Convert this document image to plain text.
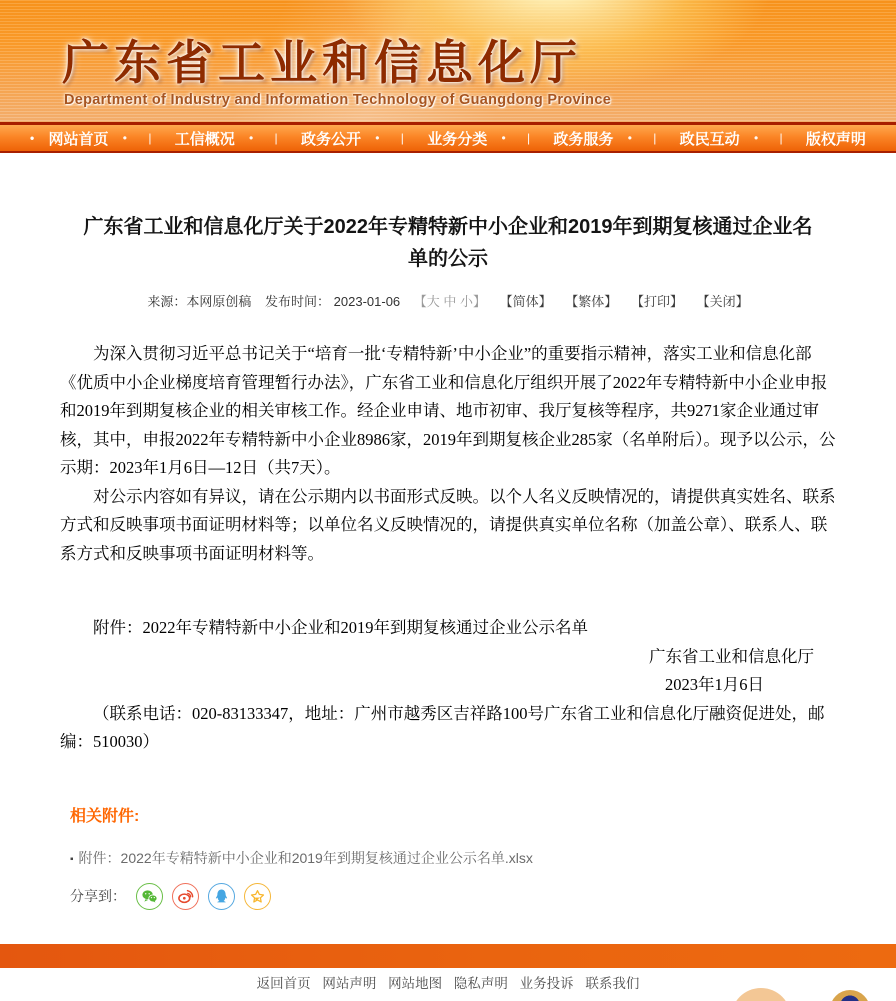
广东省工业和信息化厅
Department of Industry and Information Technology of Guangdong Province
• 网站首页 • | 工信概况 • | 政务公开 • | 业务分类 • | 政务服务 • | 政民互动 • | 版权声明
广东省工业和信息化厅关于2022年专精特新中小企业和2019年到期复核通过企业名单的公示
来源：本网原创稿 发布时间： 2023-01-06 【大 中 小】 【简体】 【繁体】 【打印】 【关闭】

为深入贯彻习近平总书记关于“培育一批‘专精特新’中小企业”的重要指示精神，落实工业和信息化部《优质中小企业梯度培育管理暂行办法》，广东省工业和信息化厅组织开展了2022年专精特新中小企业申报和2019年到期复核企业的相关审核工作。经企业申请、地市初审、我厅复核等程序，共9271家企业通过审核，其中，申报2022年专精特新中小企业8986家，2019年到期复核企业285家（名单附后）。现予以公示，公示期：2023年1月6日—12日（共7天）。

对公示内容如有异议，请在公示期内以书面形式反映。以个人名义反映情况的，请提供真实姓名、联系方式和反映事项书面证明材料等；以单位名义反映情况的，请提供真实单位名称（加盖公章）、联系人、联系方式和反映事项书面证明材料等。

附件：2022年专精特新中小企业和2019年到期复核通过企业公示名单

广东省工业和信息化厅

2023年1月6日

（联系电话：020-83133347，地址：广州市越秀区吉祥路100号广东省工业和信息化厅融资促进处，邮编：510030）

相关附件:
▪ 附件：2022年专精特新中小企业和2019年到期复核通过企业公示名单.xlsx
分享到：
返回首页 网站声明 网站地图 隐私声明 业务投诉 联系我们
